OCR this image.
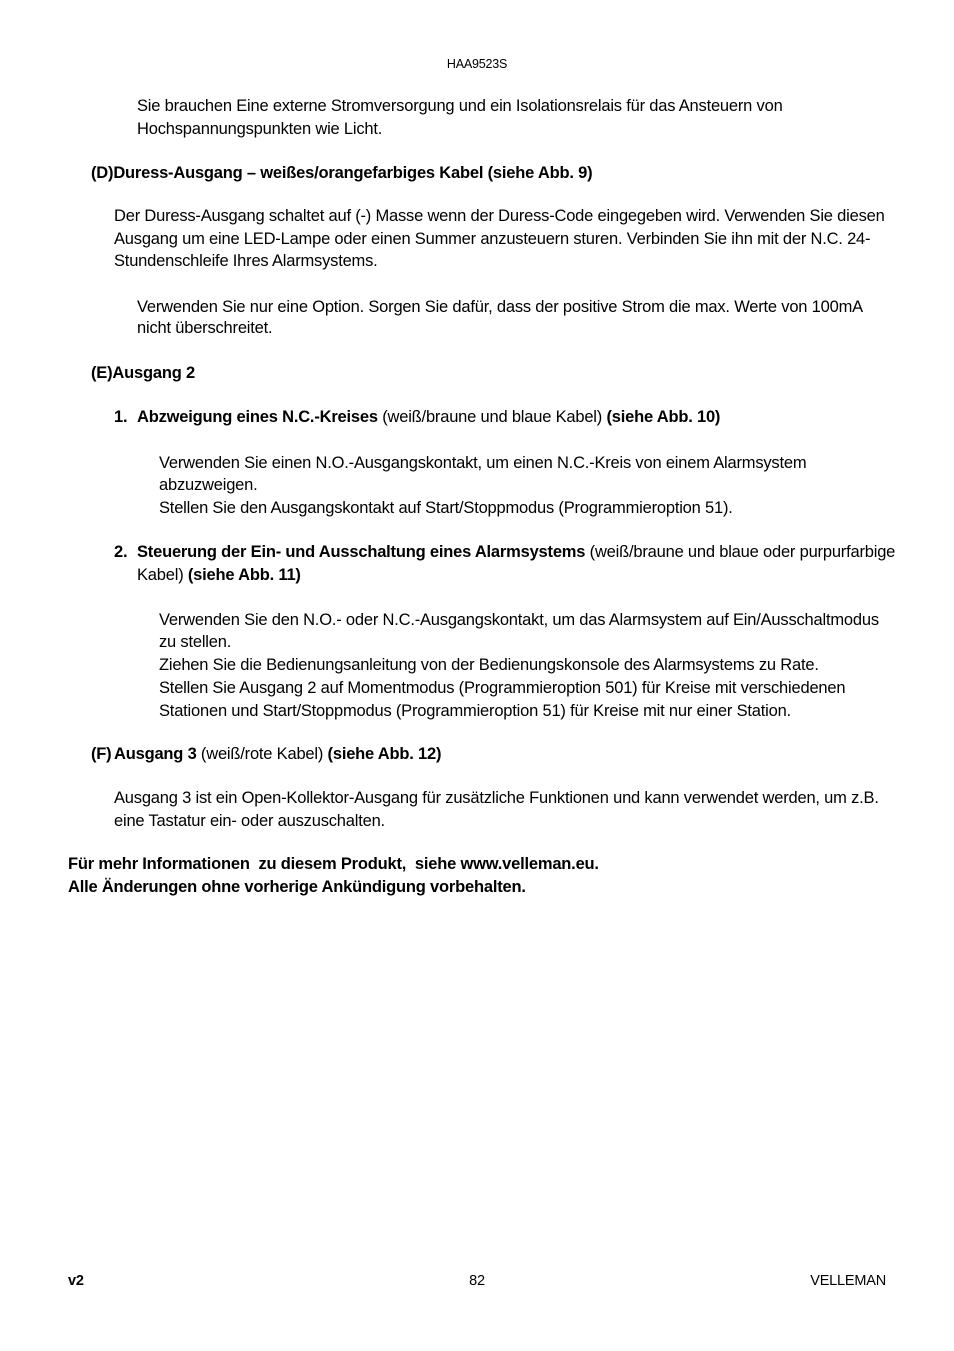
HAA9523S
Sie brauchen Eine externe Stromversorgung und ein Isolationsrelais für das Ansteuern von
Hochspannungspunkten wie Licht.
(D)Duress-Ausgang – weißes/orangefarbiges Kabel (siehe Abb. 9)
Der Duress-Ausgang schaltet auf (-) Masse wenn der Duress-Code eingegeben wird. Verwenden Sie diesen
Ausgang um eine LED-Lampe oder einen Summer anzusteuern sturen. Verbinden Sie ihn mit der N.C. 24-
Stundenschleife Ihres Alarmsystems.
Verwenden Sie nur eine Option. Sorgen Sie dafür, dass der positive Strom die max. Werte von 100mA
nicht überschreitet.
(E)Ausgang 2
1. Abzweigung eines N.C.-Kreises (weiß/braune und blaue Kabel) (siehe Abb. 10)
Verwenden Sie einen N.O.-Ausgangskontakt, um einen N.C.-Kreis von einem Alarmsystem
abzuzweigen.
Stellen Sie den Ausgangskontakt auf Start/Stoppmodus (Programmieroption 51).
2. Steuerung der Ein- und Ausschaltung eines Alarmsystems (weiß/braune und blaue oder purpurfarbige
Kabel) (siehe Abb. 11)
Verwenden Sie den N.O.- oder N.C.-Ausgangskontakt, um das Alarmsystem auf Ein/Ausschaltmodus
zu stellen.
Ziehen Sie die Bedienungsanleitung von der Bedienungskonsole des Alarmsystems zu Rate.
Stellen Sie Ausgang 2 auf Momentmodus (Programmieroption 501) für Kreise mit verschiedenen
Stationen und Start/Stoppmodus (Programmieroption 51) für Kreise mit nur einer Station.
(F) Ausgang 3 (weiß/rote Kabel) (siehe Abb. 12)
Ausgang 3 ist ein Open-Kollektor-Ausgang für zusätzliche Funktionen und kann verwendet werden, um z.B.
eine Tastatur ein- oder auszuschalten.
Für mehr Informationen  zu diesem Produkt,  siehe www.velleman.eu.
Alle Änderungen ohne vorherige Ankündigung vorbehalten.
v2	82	VELLEMAN
